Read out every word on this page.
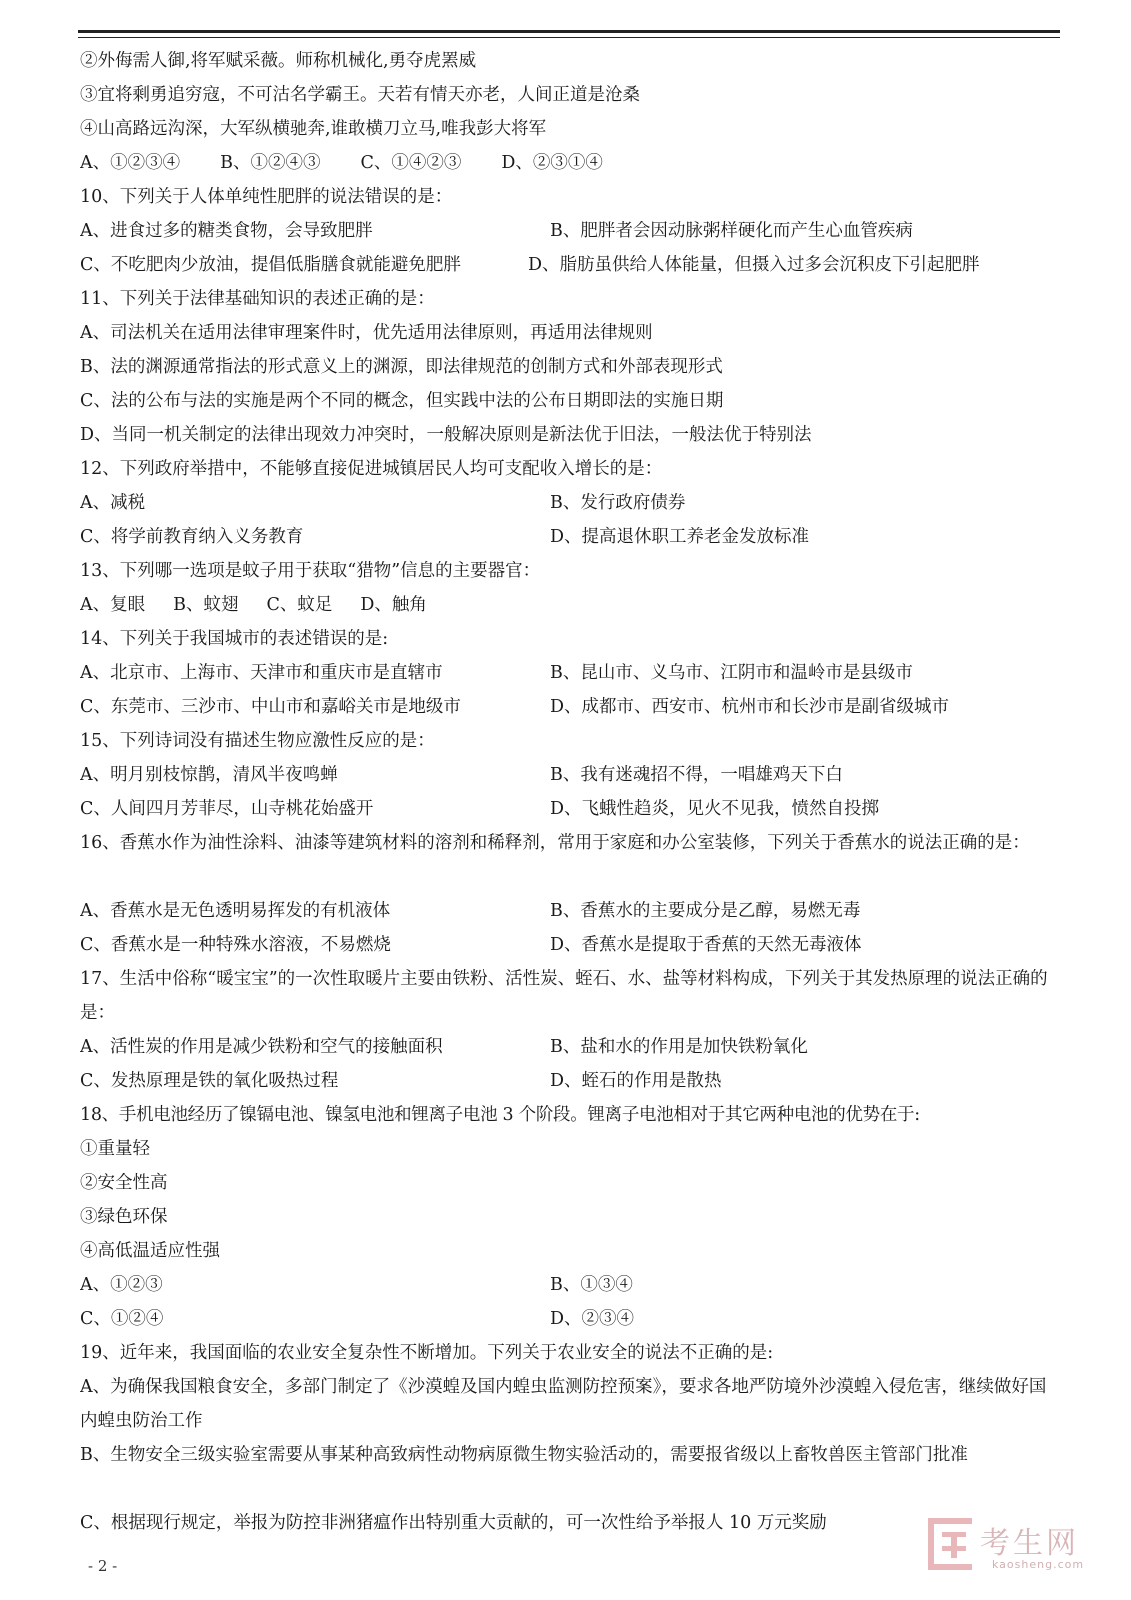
②外侮需人御,将军赋采薇。师称机械化,勇夺虎罴威
③宜将剩勇追穷寇，不可沽名学霸王。天若有情天亦老，人间正道是沧桑
④山高路远沟深，大军纵横驰奔,谁敢横刀立马,唯我彭大将军
A、①②③④ B、①②④③ C、①④②③ D、②③①④
10、下列关于人体单纯性肥胖的说法错误的是：
A、进食过多的糖类食物，会导致肥胖	B、肥胖者会因动脉粥样硬化而产生心血管疾病
C、不吃肥肉少放油，提倡低脂膳食就能避免肥胖	D、脂肪虽供给人体能量，但摄入过多会沉积皮下引起肥胖
11、下列关于法律基础知识的表述正确的是：
A、司法机关在适用法律审理案件时，优先适用法律原则，再适用法律规则
B、法的渊源通常指法的形式意义上的渊源，即法律规范的创制方式和外部表现形式
C、法的公布与法的实施是两个不同的概念，但实践中法的公布日期即法的实施日期
D、当同一机关制定的法律出现效力冲突时，一般解决原则是新法优于旧法，一般法优于特别法
12、下列政府举措中，不能够直接促进城镇居民人均可支配收入增长的是：
A、减税	B、发行政府债券
C、将学前教育纳入义务教育	D、提高退休职工养老金发放标准
13、下列哪一选项是蚊子用于获取“猎物”信息的主要器官：
A、复眼 B、蚊翅 C、蚊足 D、触角
14、下列关于我国城市的表述错误的是:
A、北京市、上海市、天津市和重庆市是直辖市	B、昆山市、义乌市、江阴市和温岭市是县级市
C、东莞市、三沙市、中山市和嘉峪关市是地级市	D、成都市、西安市、杭州市和长沙市是副省级城市
15、下列诗词没有描述生物应激性反应的是：
A、明月别枝惊鹊，清风半夜鸣蝉	B、我有迷魂招不得，一唱雄鸡天下白
C、人间四月芳菲尽，山寺桃花始盛开	D、飞蛾性趋炎，见火不见我，愤然自投掷
16、香蕉水作为油性涂料、油漆等建筑材料的溶剂和稀释剂，常用于家庭和办公室装修，下列关于香蕉水的说法正确的是：
A、香蕉水是无色透明易挥发的有机液体	B、香蕉水的主要成分是乙醇，易燃无毒
C、香蕉水是一种特殊水溶液，不易燃烧	D、香蕉水是提取于香蕉的天然无毒液体
17、生活中俗称“暖宝宝”的一次性取暖片主要由铁粉、活性炭、蛭石、水、盐等材料构成，下列关于其发热原理的说法正确的是：
A、活性炭的作用是减少铁粉和空气的接触面积	B、盐和水的作用是加快铁粉氧化
C、发热原理是铁的氧化吸热过程	D、蛭石的作用是散热
18、手机电池经历了镍镉电池、镍氢电池和锂离子电池 3 个阶段。锂离子电池相对于其它两种电池的优势在于:
①重量轻
②安全性高
③绿色环保
④高低温适应性强
A、①②③	B、①③④
C、①②④	D、②③④
19、近年来，我国面临的农业安全复杂性不断增加。下列关于农业安全的说法不正确的是:
A、为确保我国粮食安全，多部门制定了《沙漠蝗及国内蝗虫监测防控预案》，要求各地严防境外沙漠蝗入侵危害，继续做好国内蝗虫防治工作
B、生物安全三级实验室需要从事某种高致病性动物病原微生物实验活动的，需要报省级以上畜牧兽医主管部门批准
C、根据现行规定，举报为防控非洲猪瘟作出特别重大贡献的，可一次性给予举报人 10 万元奖励
- 2 -
考生网
kaosheng.com
